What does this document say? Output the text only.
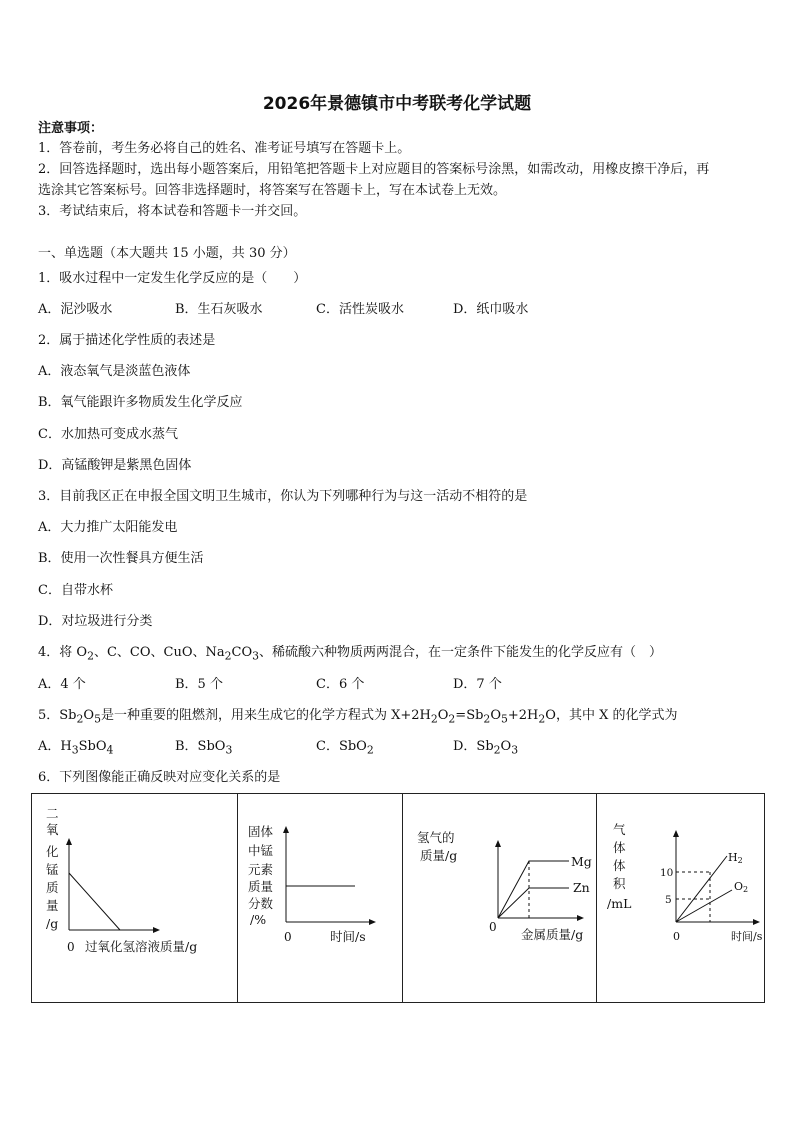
2026年景德镇市中考联考化学试题
注意事项：
1．答卷前，考生务必将自己的姓名、准考证号填写在答题卡上。
2．回答选择题时，选出每小题答案后，用铅笔把答题卡上对应题目的答案标号涂黑，如需改动，用橡皮擦干净后，再
选涂其它答案标号。回答非选择题时，将答案写在答题卡上，写在本试卷上无效。
3．考试结束后，将本试卷和答题卡一并交回。
一、单选题（本大题共 15 小题，共 30 分）
1．吸水过程中一定发生化学反应的是（　　）
A．泥沙吸水	B．生石灰吸水	C．活性炭吸水	D．纸巾吸水
2．属于描述化学性质的表述是
A．液态氧气是淡蓝色液体
B．氧气能跟许多物质发生化学反应
C．水加热可变成水蒸气
D．高锰酸钾是紫黑色固体
3．目前我区正在申报全国文明卫生城市，你认为下列哪种行为与这一活动不相符的是
A．大力推广太阳能发电
B．使用一次性餐具方便生活
C．自带水杯
D．对垃圾进行分类
4．将 $O_2$、C、CO、CuO、$Na_2CO_3$、稀硫酸六种物质两两混合，在一定条件下能发生的化学反应有（　）
A．4 个	B．5 个	C．6 个	D．7 个
5．$Sb_2O_5$是一种重要的阻燃剂，用来生成它的化学方程式为 $X+2H_2O_2=Sb_2O_5+2H_2O$，其中 X 的化学式为
A．$H_3SbO_4$	B．SbO$_3$	C．SbO$_2$	D．$Sb_2O_3$
6．下列图像能正确反映对应变化关系的是
二
氧
化
锰
质
量
/g
0 过氧化氢溶液质量/g
固体
中锰
元素
质量
分数
/%
0	时间/s
氢气的
质量/g	Mg
Zn
0 金属质量/g
气
体
体
积
/mL
10
5
H2
O2
0	时间/s
